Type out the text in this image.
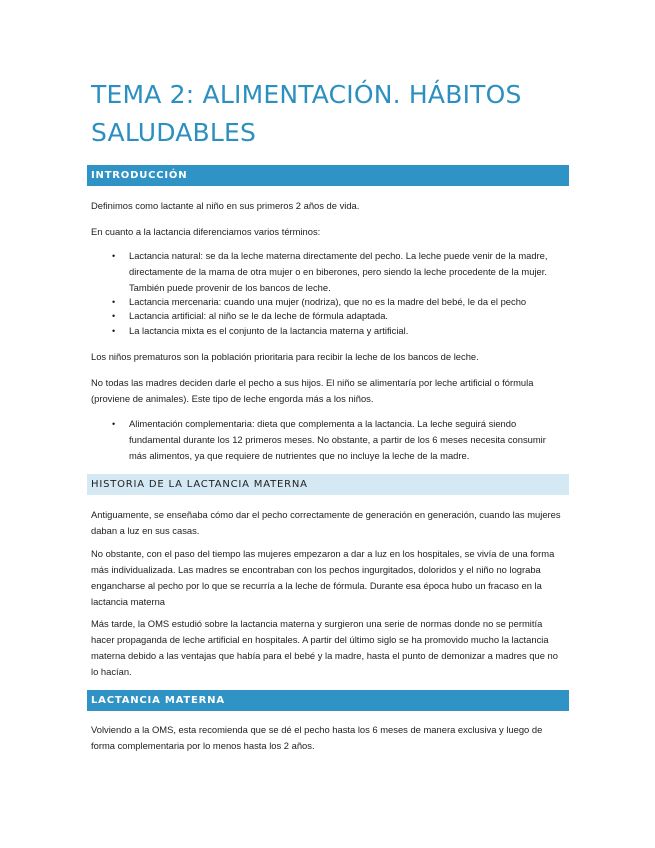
TEMA 2: ALIMENTACIÓN. HÁBITOS SALUDABLES
INTRODUCCIÓN

Definimos como lactante al niño en sus primeros 2 años de vida.

En cuanto a la lactancia diferenciamos varios términos:

• Lactancia natural: se da la leche materna directamente del pecho. La leche puede venir de la madre, directamente de la mama de otra mujer o en biberones, pero siendo la leche procedente de la mujer. También puede provenir de los bancos de leche.

• Lactancia mercenaria: cuando una mujer (nodriza), que no es la madre del bebé, le da el pecho

• Lactancia artificial: al niño se le da leche de fórmula adaptada.

• La lactancia mixta es el conjunto de la lactancia materna y artificial.

Los niños prematuros son la población prioritaria para recibir la leche de los bancos de leche.

No todas las madres deciden darle el pecho a sus hijos. El niño se alimentaría por leche artificial o fórmula (proviene de animales). Este tipo de leche engorda más a los niños.

• Alimentación complementaria: dieta que complementa a la lactancia. La leche seguirá siendo fundamental durante los 12 primeros meses. No obstante, a partir de los 6 meses necesita consumir más alimentos, ya que requiere de nutrientes que no incluye la leche de la madre.

HISTORIA DE LA LACTANCIA MATERNA

Antiguamente, se enseñaba cómo dar el pecho correctamente de generación en generación, cuando las mujeres daban a luz en sus casas.

No obstante, con el paso del tiempo las mujeres empezaron a dar a luz en los hospitales, se vivía de una forma más individualizada. Las madres se encontraban con los pechos ingurgitados, doloridos y el niño no lograba engancharse al pecho por lo que se recurría a la leche de fórmula. Durante esa época hubo un fracaso en la lactancia materna

Más tarde, la OMS estudió sobre la lactancia materna y surgieron una serie de normas donde no se permitía hacer propaganda de leche artificial en hospitales. A partir del último siglo se ha promovido mucho la lactancia materna debido a las ventajas que había para el bebé y la madre, hasta el punto de demonizar a madres que no lo hacían.

LACTANCIA MATERNA

Volviendo a la OMS, esta recomienda que se dé el pecho hasta los 6 meses de manera exclusiva y luego de forma complementaria por lo menos hasta los 2 años.
